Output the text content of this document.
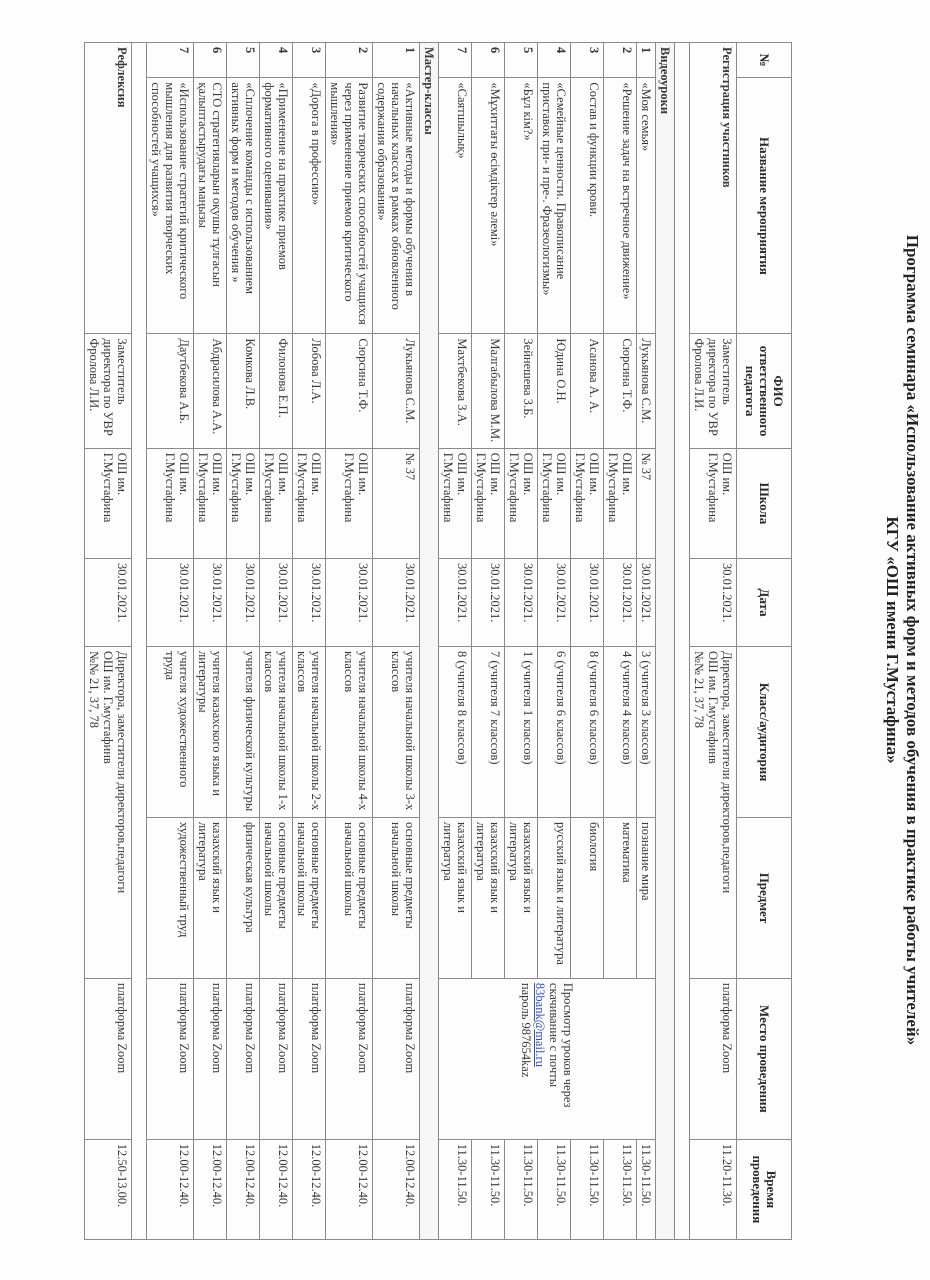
Программа семинара «Использование активных форм и методов обучения в практике работы учителей»
КГУ «ОШ имени Г.Мустафина»
№	Название мероприятия	ФИО ответственного педагога	Школа	Дата	Класс/аудитория	Предмет	Место проведения	Время проведения
Регистрация участников		Заместитель директора по УВР Фролова Л.И.	ОШ им. Г.Мустафина	30.01.2021.	Директора, заместители директоров,педагоги
ОШ им. Г.мустафинв
№№ 21, 37, 78		платформа Zoom	11.20-11.30.

Видеоуроки								
1	«Моя семья»	Лукьянова С.М.	№ 37	30.01.2021.	3 (учителя 3 классов)	познание мира	Просмотр уроков через скачивание с почты
83bank@mail.ru
пароль 987654kaz	11.30-11.50.
2	«Решение задач на встречное движение»	Сюрсина Т.Ф.	ОШ им. Г.Мустафина	30.01.2021.	4 (учителя 4 классов)	математика		11.30-11.50.
3	Состав и функции крови.	Асанова А. А.	ОШ им. Г.Мустафина	30.01.2021.	8 (учителя 6 классов)	биология		11.30-11.50.
4	«Семейные ценности. Правописание приставок при- и пре-. Фразеологизмы»	Юдина О.Н.	ОШ им. Г.Мустафина	30.01.2021.	6 (учителя 6 классов)	русский язык и литература		11.30-11.50.
5	«Бұл кім?»	Зейнешева З.Б.	ОШ им. Г.Мустафина	30.01.2021.	1 (учителя 1 классов)	казахский язык и литература		11.30-11.50.
6	«Мұхиттағы өсімдіктер әлемі»	Малгабылова М.М.	ОШ им. Г.Мустафина	30.01.2021.	7 (учителя 7 классов)	казахский язык и литература		11.30-11.50.
7	«Саятшылық»	Махтбекова З.А.	ОШ им. Г.Мустафина	30.01.2021.	8 (учителя 8 классов)	казахский язык и литература		11.30-11.50.
Мастер-классы								
1	«Активные методы и формы обучения в начальных классах в рамках обновленного содержания образования»	Лукьянова С.М.	№ 37	30.01.2021.	учителя начальной школы 3-х классов	основные предметы начальной школы	платформа Zoom	12.00-12.40.
2	Развитие творческих способностей учащихся через применение приемов критического мышления»	Сюрсина Т.Ф.	ОШ им. Г.Мустафина	30.01.2021.	учителя начальной школы 4-х классов	основные предметы начальной школы	платформа Zoom	12.00-12.40.
3	«Дорога в профессию»	Лобова Л.А.	ОШ им. Г.Мустафина	30.01.2021.	учителя начальной школы 2-х классов	основные предметы начальной школы	платформа Zoom	12.00-12.40.
4	«Применение на практике приемов формативного оценивания»	Филонова Е.П.	ОШ им. Г.Мустафина	30.01.2021.	учителя начальной школы 1-х классов	основные предметы начальной школы	платформа Zoom	12.00-12.40.
5	«Сплочение команды с использованием активных форм и методов обучения »	Комкова Л.В.	ОШ им. Г.Мустафина	30.01.2021.	учителя физической культуры	физическая культура	платформа Zoom	12.00-12.40.
6	СТО стратегияларын оқушы тұлғасын қалыптастырудағы маңызы	Абдрасилова А.А.	ОШ им. Г.Мустафина	30.01.2021.	учителя казахского языка и литературы	казахский язык и литература	платформа Zoom	12.00-12.40.
7	«Использование стратегий критического мышления для развития творческих способностей учащихся»	Даутбекова А.Б.	ОШ им. Г.Мустафина	30.01.2021.	учителя художественного труда	художественный труд	платформа Zoom	12.00-12.40.

Рефлексия		Заместитель директора по УВР Фролова Л.И.	ОШ им. Г.Мустафина	30.01.2021.	Директора, заместители директоров,педагоги
ОШ им. Г.мустафинв
№№ 21, 37, 78		платформа Zoom	12.50-13.00.
